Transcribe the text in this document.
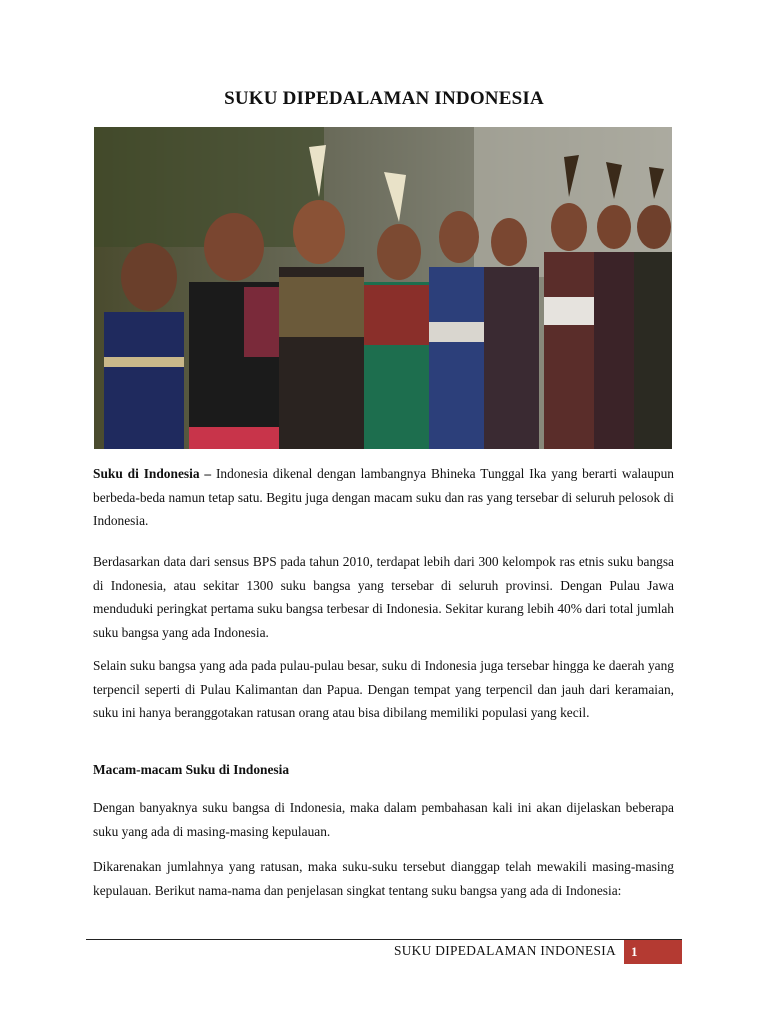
SUKU DIPEDALAMAN INDONESIA
Suku di Indonesia – Indonesia dikenal dengan lambangnya Bhineka Tunggal Ika yang berarti walaupun berbeda-beda namun tetap satu. Begitu juga dengan macam suku dan ras yang tersebar di seluruh pelosok di Indonesia.
Berdasarkan data dari sensus BPS pada tahun 2010, terdapat lebih dari 300 kelompok ras etnis suku bangsa di Indonesia, atau sekitar 1300 suku bangsa yang tersebar di seluruh provinsi. Dengan Pulau Jawa menduduki peringkat pertama suku bangsa terbesar di Indonesia. Sekitar kurang lebih 40% dari total jumlah suku bangsa yang ada Indonesia.
Selain suku bangsa yang ada pada pulau-pulau besar, suku di Indonesia juga tersebar hingga ke daerah yang terpencil seperti di Pulau Kalimantan dan Papua. Dengan tempat yang terpencil dan jauh dari keramaian, suku ini hanya beranggotakan ratusan orang atau bisa dibilang memiliki populasi yang kecil.
Macam-macam Suku di Indonesia
Dengan banyaknya suku bangsa di Indonesia, maka dalam pembahasan kali ini akan dijelaskan beberapa suku yang ada di masing-masing kepulauan.
Dikarenakan jumlahnya yang ratusan, maka suku-suku tersebut dianggap telah mewakili masing-masing kepulauan. Berikut nama-nama dan penjelasan singkat tentang suku bangsa yang ada di Indonesia:
SUKU DIPEDALAMAN INDONESIA	1
